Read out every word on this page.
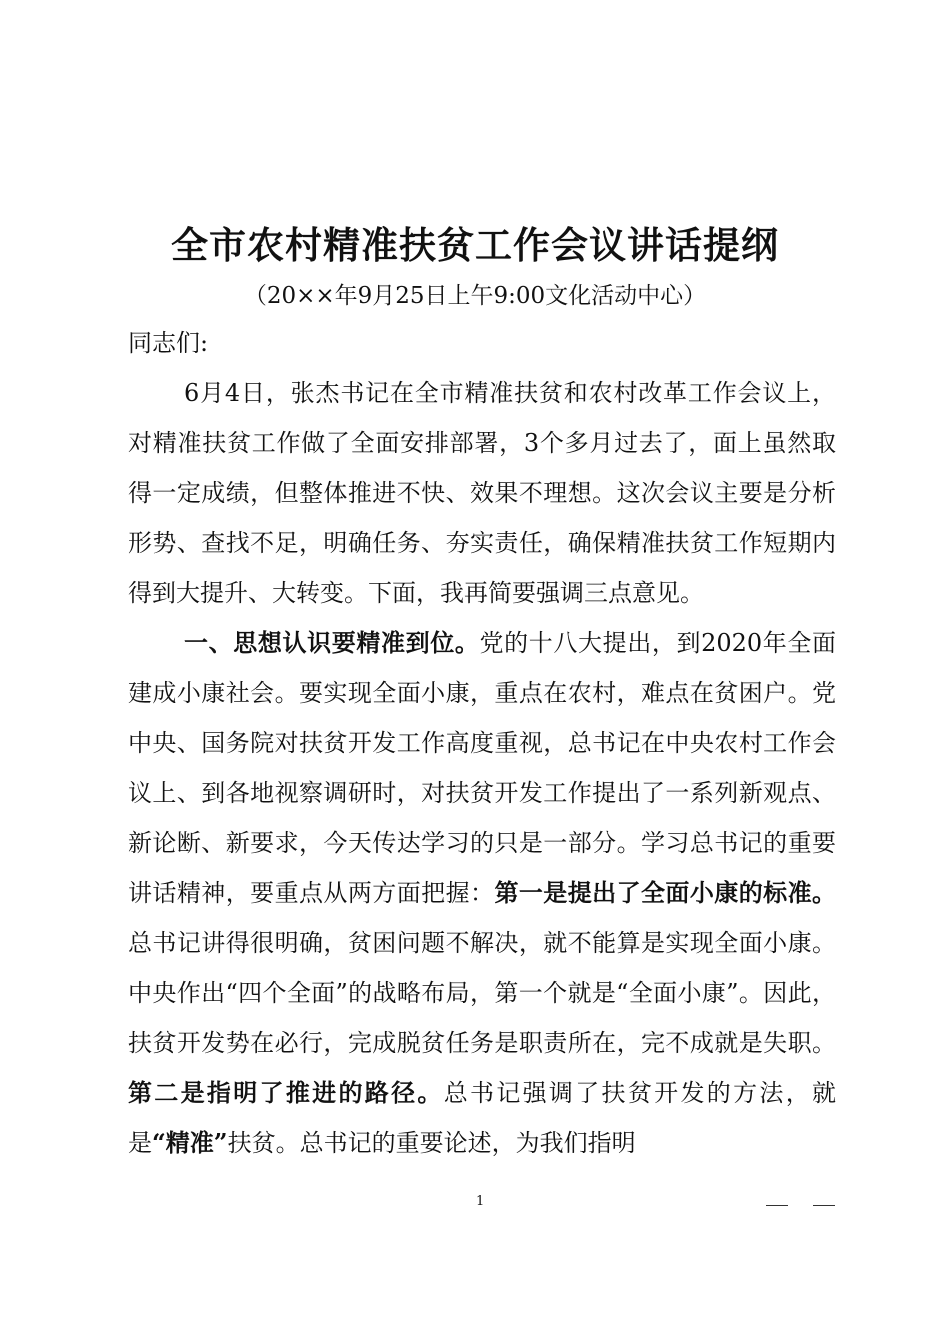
全市农村精准扶贫工作会议讲话提纲
（20××年9月25日上午9:00文化活动中心）

同志们:

6月4日，张杰书记在全市精准扶贫和农村改革工作会议上，对精准扶贫工作做了全面安排部署，3个多月过去了，面上虽然取得一定成绩，但整体推进不快、效果不理想。这次会议主要是分析形势、查找不足，明确任务、夯实责任，确保精准扶贫工作短期内得到大提升、大转变。下面，我再简要强调三点意见。

一、思想认识要精准到位。党的十八大提出，到2020年全面建成小康社会。要实现全面小康，重点在农村，难点在贫困户。党中央、国务院对扶贫开发工作高度重视，总书记在中央农村工作会议上、到各地视察调研时，对扶贫开发工作提出了一系列新观点、新论断、新要求，今天传达学习的只是一部分。学习总书记的重要讲话精神，要重点从两方面把握：第一是提出了全面小康的标准。总书记讲得很明确，贫困问题不解决，就不能算是实现全面小康。中央作出“四个全面”的战略布局，第一个就是“全面小康”。因此，扶贫开发势在必行，完成脱贫任务是职责所在，完不成就是失职。第二是指明了推进的路径。总书记强调了扶贫开发的方法，就是“精准”扶贫。总书记的重要论述，为我们指明

1
